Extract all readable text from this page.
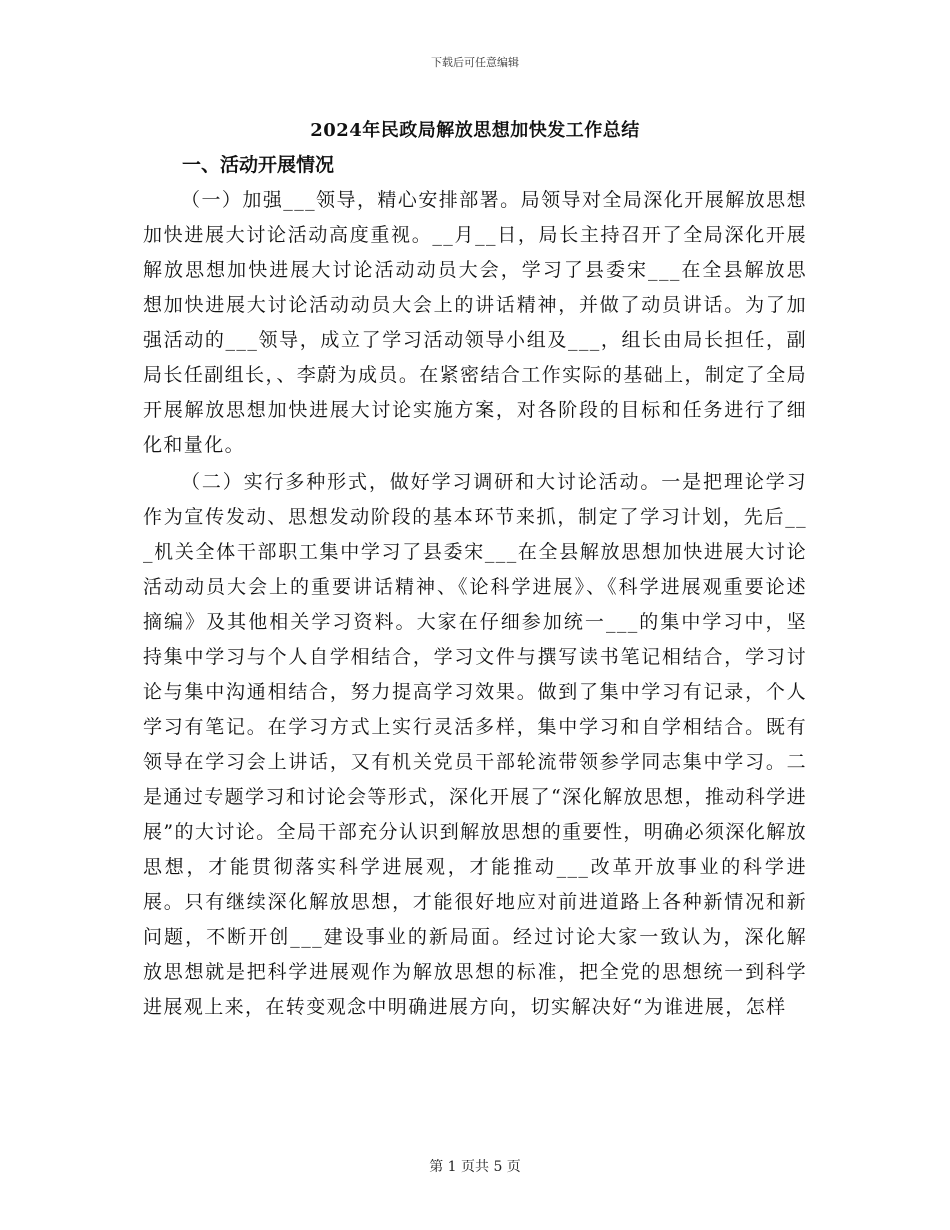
下载后可任意编辑
2024年民政局解放思想加快发工作总结
一、活动开展情况

（一）加强___领导，精心安排部署。局领导对全局深化开展解放思想加快进展大讨论活动高度重视。__月__日，局长主持召开了全局深化开展解放思想加快进展大讨论活动动员大会，学习了县委宋___在全县解放思想加快进展大讨论活动动员大会上的讲话精神，并做了动员讲话。为了加强活动的___领导，成立了学习活动领导小组及___，组长由局长担任，副局长任副组长，、李蔚为成员。在紧密结合工作实际的基础上，制定了全局开展解放思想加快进展大讨论实施方案，对各阶段的目标和任务进行了细化和量化。

（二）实行多种形式，做好学习调研和大讨论活动。一是把理论学习作为宣传发动、思想发动阶段的基本环节来抓，制定了学习计划，先后___机关全体干部职工集中学习了县委宋___在全县解放思想加快进展大讨论活动动员大会上的重要讲话精神、《论科学进展》、《科学进展观重要论述摘编》及其他相关学习资料。大家在仔细参加统一___的集中学习中，坚持集中学习与个人自学相结合，学习文件与撰写读书笔记相结合，学习讨论与集中沟通相结合，努力提高学习效果。做到了集中学习有记录，个人学习有笔记。在学习方式上实行灵活多样，集中学习和自学相结合。既有领导在学习会上讲话，又有机关党员干部轮流带领参学同志集中学习。二是通过专题学习和讨论会等形式，深化开展了“深化解放思想，推动科学进展”的大讨论。全局干部充分认识到解放思想的重要性，明确必须深化解放思想，才能贯彻落实科学进展观，才能推动___改革开放事业的科学进展。只有继续深化解放思想，才能很好地应对前进道路上各种新情况和新问题，不断开创___建设事业的新局面。经过讨论大家一致认为，深化解放思想就是把科学进展观作为解放思想的标准，把全党的思想统一到科学进展观上来，在转变观念中明确进展方向，切实解决好“为谁进展，怎样

第 1 页共 5 页
